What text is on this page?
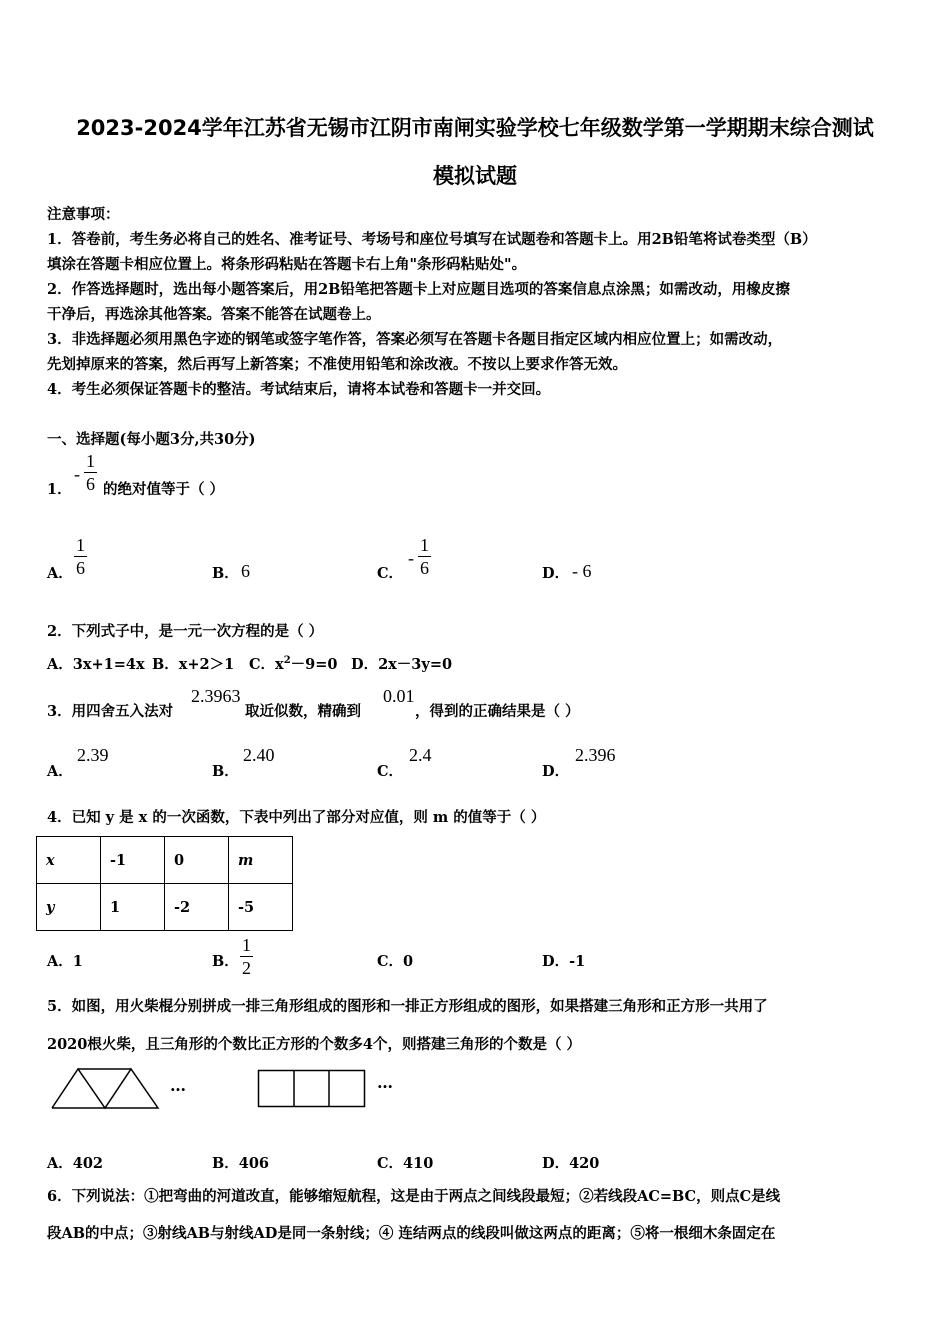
2023-2024学年江苏省无锡市江阴市南闸实验学校七年级数学第一学期期末综合测试
模拟试题
注意事项：
1．答卷前，考生务必将自己的姓名、准考证号、考场号和座位号填写在试题卷和答题卡上。用2B铅笔将试卷类型（B）
填涂在答题卡相应位置上。将条形码粘贴在答题卡右上角"条形码粘贴处"。
2．作答选择题时，选出每小题答案后，用2B铅笔把答题卡上对应题目选项的答案信息点涂黑；如需改动，用橡皮擦
干净后，再选涂其他答案。答案不能答在试题卷上。
3．非选择题必须用黑色字迹的钢笔或签字笔作答，答案必须写在答题卡各题目指定区域内相应位置上；如需改动，
先划掉原来的答案，然后再写上新答案；不准使用铅笔和涂改液。不按以上要求作答无效。
4．考生必须保证答题卡的整洁。考试结束后，请将本试卷和答题卡一并交回。
一、选择题(每小题3分,共30分)
1．
-
1
6 的绝对值等于（ ）
A．
1
6	B． 6	C．
-
1
6	D． - 6
2．下列式子中，是一元一次方程的是（ ）
A．3x+1=4x B．x+2＞1 C．$x^2-9=0$ D．2x－3y=0
3．用四舍五入法对
2.3963
取近似数，精确到
0.01
，得到的正确结果是（ ）
A．
2.39
B．
2.40
C．
2.4
D．
2.396
4．已知 y 是 x 的一次函数，下表中列出了部分对应值，则 m 的值等于（ ）
x	-1	0	m
y	1	-2	-5
A．1	B．
1
2	C．0	D．-1
5．如图，用火柴棍分别拼成一排三角形组成的图形和一排正方形组成的图形，如果搭建三角形和正方形一共用了
2020根火柴，且三角形的个数比正方形的个数多4个，则搭建三角形的个数是（ ）
…	…
A．402	B．406	C．410	D．420
6．下列说法：①把弯曲的河道改直，能够缩短航程，这是由于两点之间线段最短；②若线段AC=BC，则点C是线
段AB的中点；③射线AB与射线AD是同一条射线；④ 连结两点的线段叫做这两点的距离；⑤将一根细木条固定在
